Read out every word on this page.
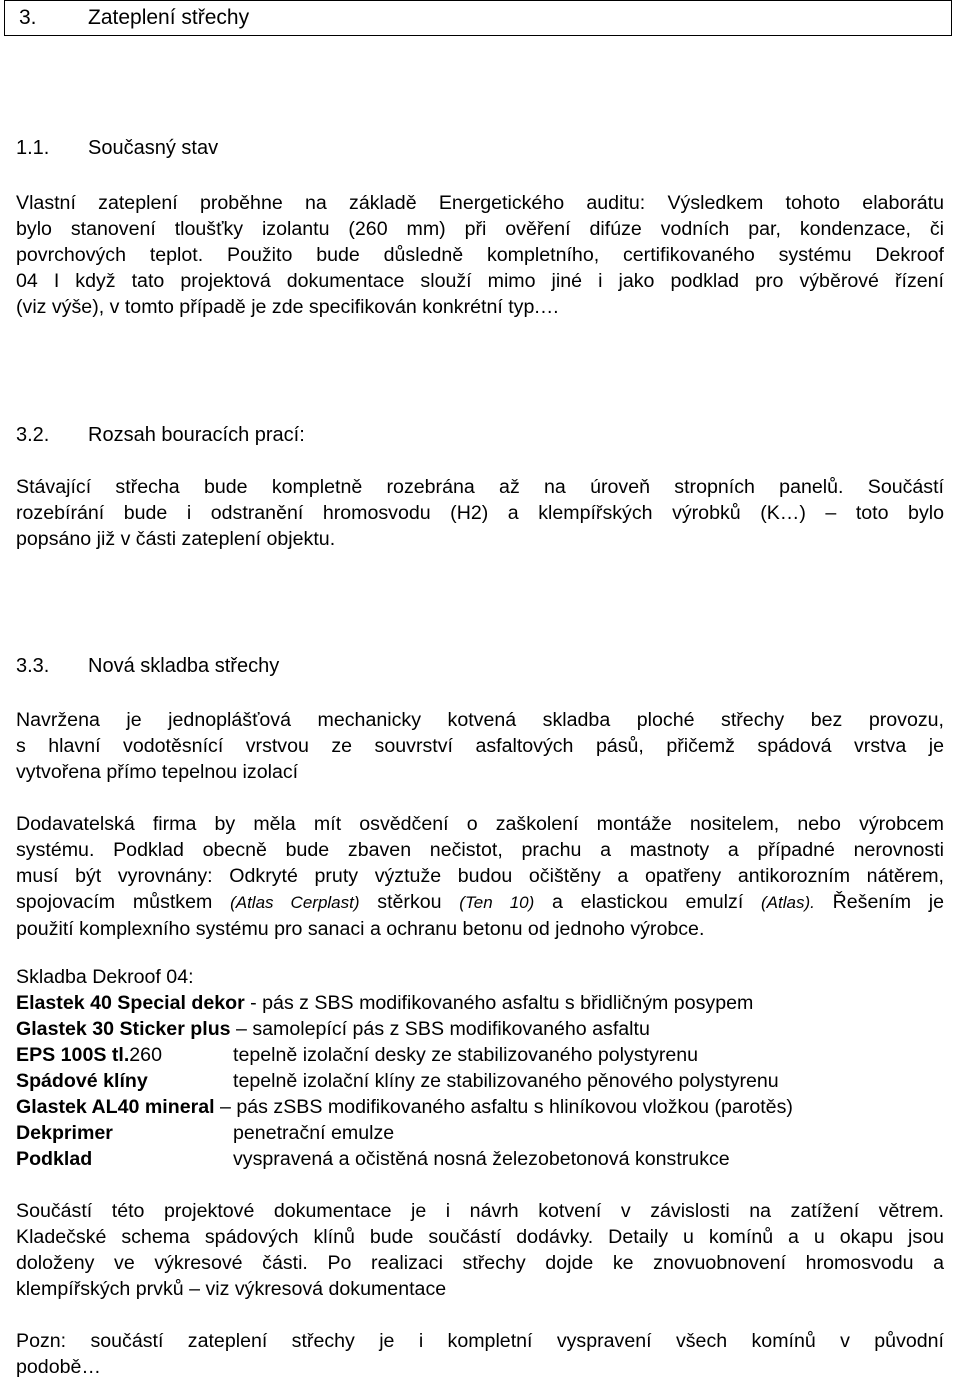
3. Zateplení střechy
1.1. Současný stav

Vlastní zateplení proběhne na základě Energetického auditu: Výsledkem tohoto elaborátu
bylo stanovení tloušťky izolantu (260 mm) při ověření difúze vodních par, kondenzace, či
povrchových teplot. Použito bude důsledně kompletního, certifikovaného systému Dekroof
04 I když tato projektová dokumentace slouží mimo jiné i jako podklad pro výběrové řízení
(viz výše), v tomto případě je zde specifikován konkrétní typ.…

3.2. Rozsah bouracích prací:

Stávající střecha bude kompletně rozebrána až na úroveň stropních panelů. Součástí
rozebírání bude i odstranění hromosvodu (H2) a klempířských výrobků (K…) – toto bylo
popsáno již v části zateplení objektu.

3.3. Nová skladba střechy

Navržena je jednoplášťová mechanicky kotvená skladba ploché střechy bez provozu,
s hlavní vodotěsnící vrstvou ze souvrství asfaltových pásů, přičemž spádová vrstva je
vytvořena přímo tepelnou izolací

Dodavatelská firma by měla mít osvědčení o zaškolení montáže nositelem, nebo výrobcem
systému. Podklad obecně bude zbaven nečistot, prachu a mastnoty a případné nerovnosti
musí být vyrovnány: Odkryté pruty výztuže budou očištěny a opatřeny antikorozním nátěrem,
spojovacím můstkem (Atlas Cerplast) stěrkou (Ten 10) a elasticko​u emulzí (Atlas). Řešením je
použití komplexního systému pro sanaci a ochranu betonu od jednoho výrobce.

Skladba Dekroof 04:
Elastek 40 Special dekor - pás z SBS modifikovaného asfaltu s břidličným posypem
Glastek 30 Sticker plus – samolepící pás z SBS modifikovaného asfaltu
EPS 100S tl.260	tepelně izolační desky ze stabilizovaného polystyrenu
Spádové klíny	tepelně izolační klíny ze stabilizovaného pěnového polystyrenu
Glastek AL40 mineral – pás zSBS modifikovaného asfaltu s hliníkovou vložkou (parotěs)
Dekprimer	penetrační emulze
Podklad	vyspravená a očistěná nosná železobetonová konstrukce

Součástí této projektové dokumentace je i návrh kotvení v závislosti na zatížení větrem.
Kladečské schema spádových klínů bude součástí dodávky. Detaily u komínů a u okapu jsou
doloženy ve výkresové části. Po realizaci střechy dojde ke znovuobnovení hromosvodu a
klempířských prvků – viz výkresová dokumentace

Pozn: součástí zateplení střechy je i kompletní vyspravení všech komínů v původní
podobě…
